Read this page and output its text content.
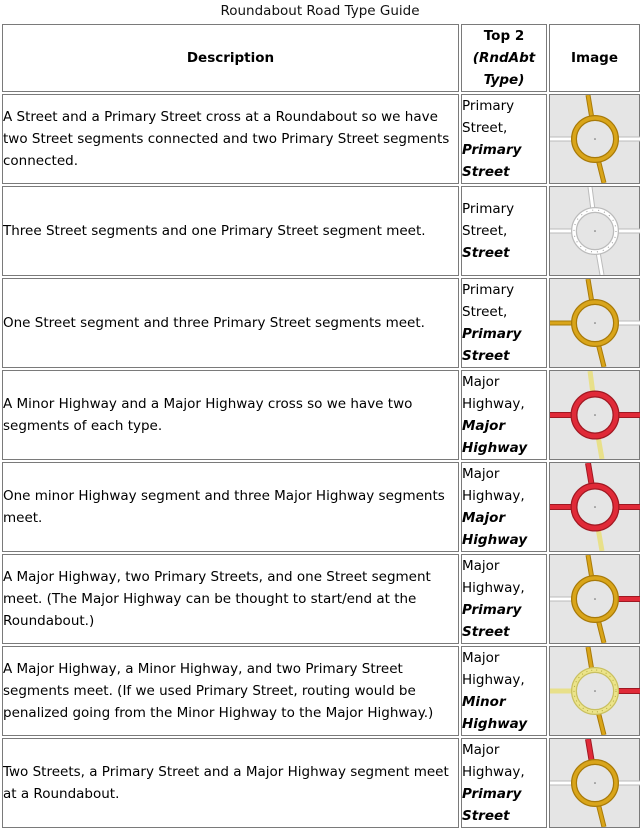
Roundabout Road Type Guide
Description	Top 2
(RndAbt
Type)	Image
A Street and a Primary Street cross at a Roundabout so we have two Street segments connected and two Primary Street segments connected.	Primary Street,
Primary Street	

Three Street segments and one Primary Street segment meet.	Primary Street,
Street	

One Street segment and three Primary Street segments meet.	Primary Street,
Primary Street	

A Minor Highway and a Major Highway cross so we have two segments of each type.	Major Highway,
Major Highway	

One minor Highway segment and three Major Highway segments meet.	Major Highway,
Major Highway	

A Major Highway, two Primary Streets, and one Street segment meet. (The Major Highway can be thought to start/end at the Roundabout.)	Major Highway,
Primary Street	

A Major Highway, a Minor Highway, and two Primary Street segments meet. (If we used Primary Street, routing would be penalized going from the Minor Highway to the Major Highway.)	Major Highway,
Minor Highway	

Two Streets, a Primary Street and a Major Highway segment meet at a Roundabout.	Major Highway,
Primary Street	
